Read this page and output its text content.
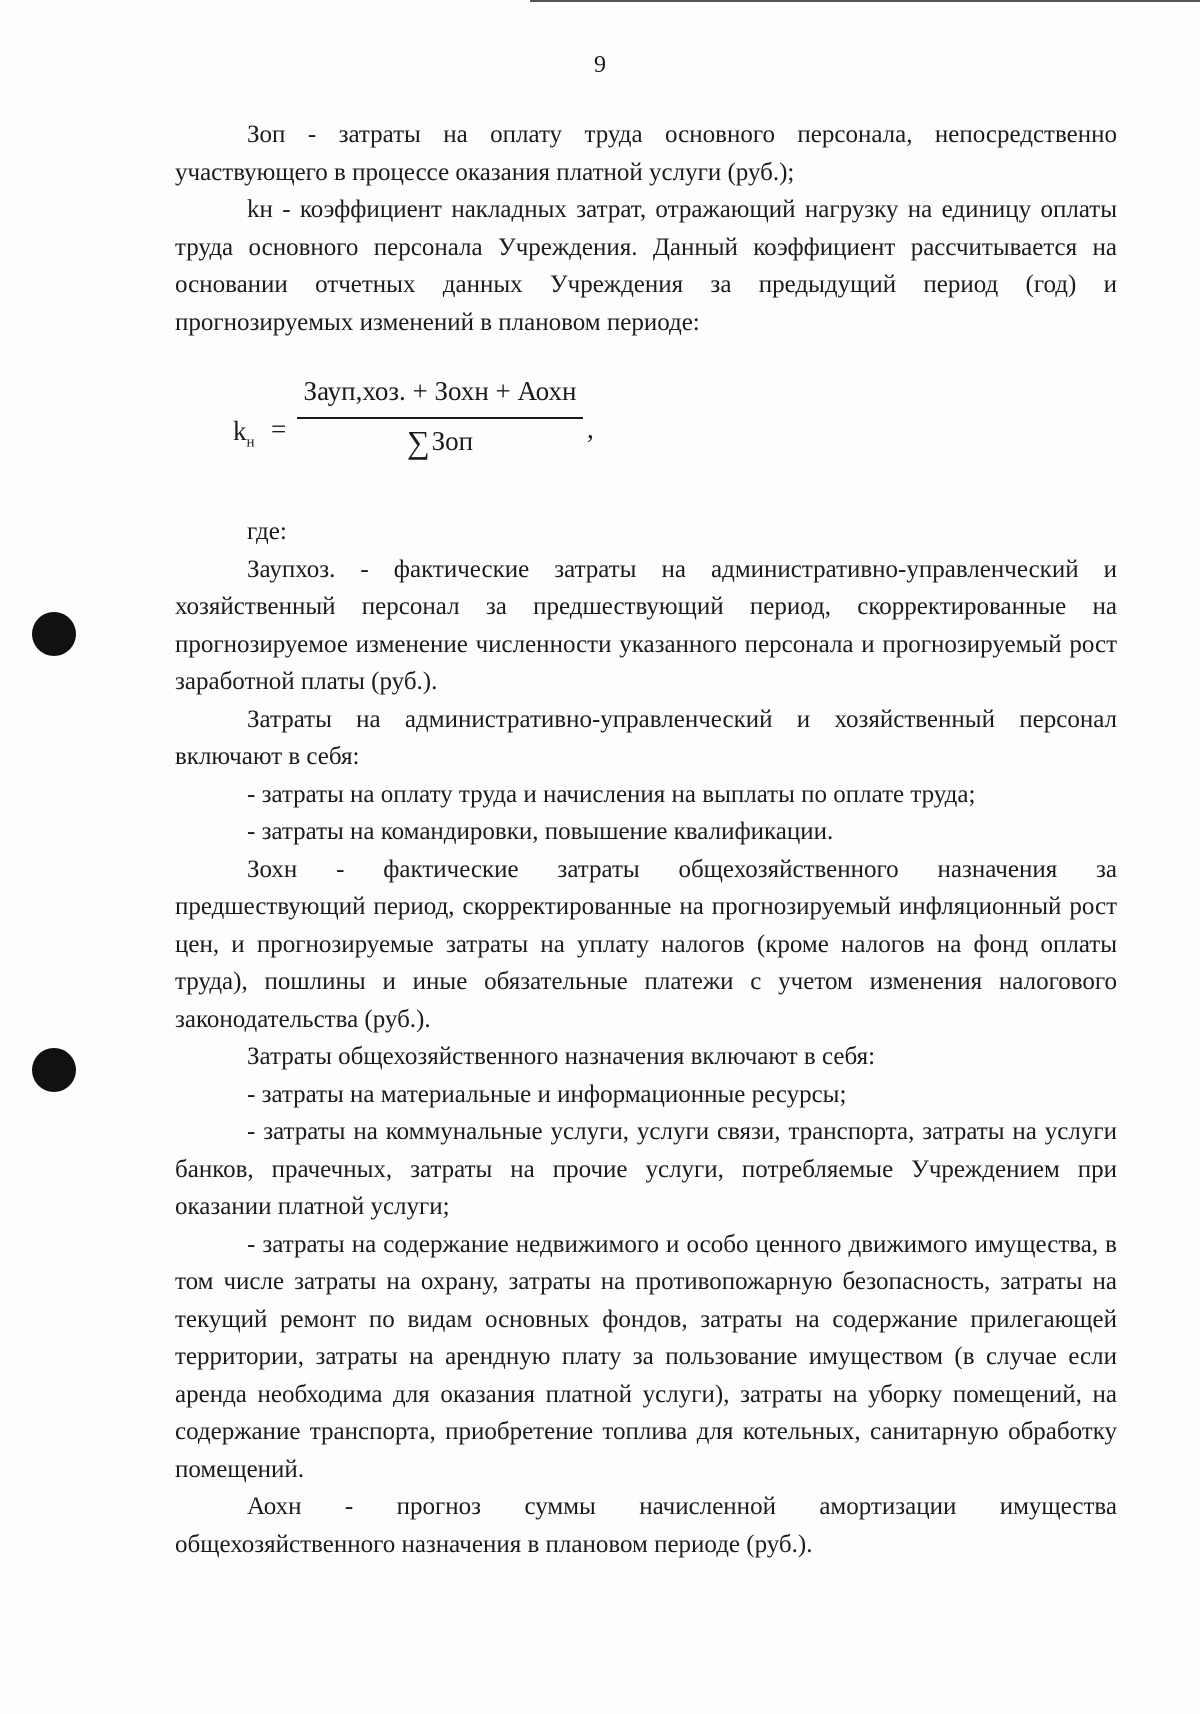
9

Зоп - затраты на оплату труда основного персонала, непосредственно участвующего в процессе оказания платной услуги (руб.);

kн - коэффициент накладных затрат, отражающий нагрузку на единицу оплаты труда основного персонала Учреждения. Данный коэффициент рассчитывается на основании отчетных данных Учреждения за предыдущий период (год) и прогнозируемых изменений в плановом периоде:

$k_н$ =
Зауп,хоз. + Зохн + Аохн
∑Зоп	,

где:

Заупхоз. - фактические затраты на административно-управленческий и хозяйственный персонал за предшествующий период, скорректированные на прогнозируемое изменение численности указанного персонала и прогнозируемый рост заработной платы (руб.).

Затраты на административно-управленческий и хозяйственный персонал включают в себя:

- затраты на оплату труда и начисления на выплаты по оплате труда;

- затраты на командировки, повышение квалификации.

Зохн - фактические затраты общехозяйственного назначения за предшествующий период, скорректированные на прогнозируемый инфляционный рост цен, и прогнозируемые затраты на уплату налогов (кроме налогов на фонд оплаты труда), пошлины и иные обязательные платежи с учетом изменения налогового законодательства (руб.).

Затраты общехозяйственного назначения включают в себя:

- затраты на материальные и информационные ресурсы;

- затраты на коммунальные услуги, услуги связи, транспорта, затраты на услуги банков, прачечных, затраты на прочие услуги, потребляемые Учреждением при оказании платной услуги;

- затраты на содержание недвижимого и особо ценного движимого имущества, в том числе затраты на охрану, затраты на противопожарную безопасность, затраты на текущий ремонт по видам основных фондов, затраты на содержание прилегающей территории, затраты на арендную плату за пользование имуществом (в случае если аренда необходима для оказания платной услуги), затраты на уборку помещений, на содержание транспорта, приобретение топлива для котельных, санитарную обработку помещений.

Аохн - прогноз суммы начисленной амортизации имущества общехозяйственного назначения в плановом периоде (руб.).
